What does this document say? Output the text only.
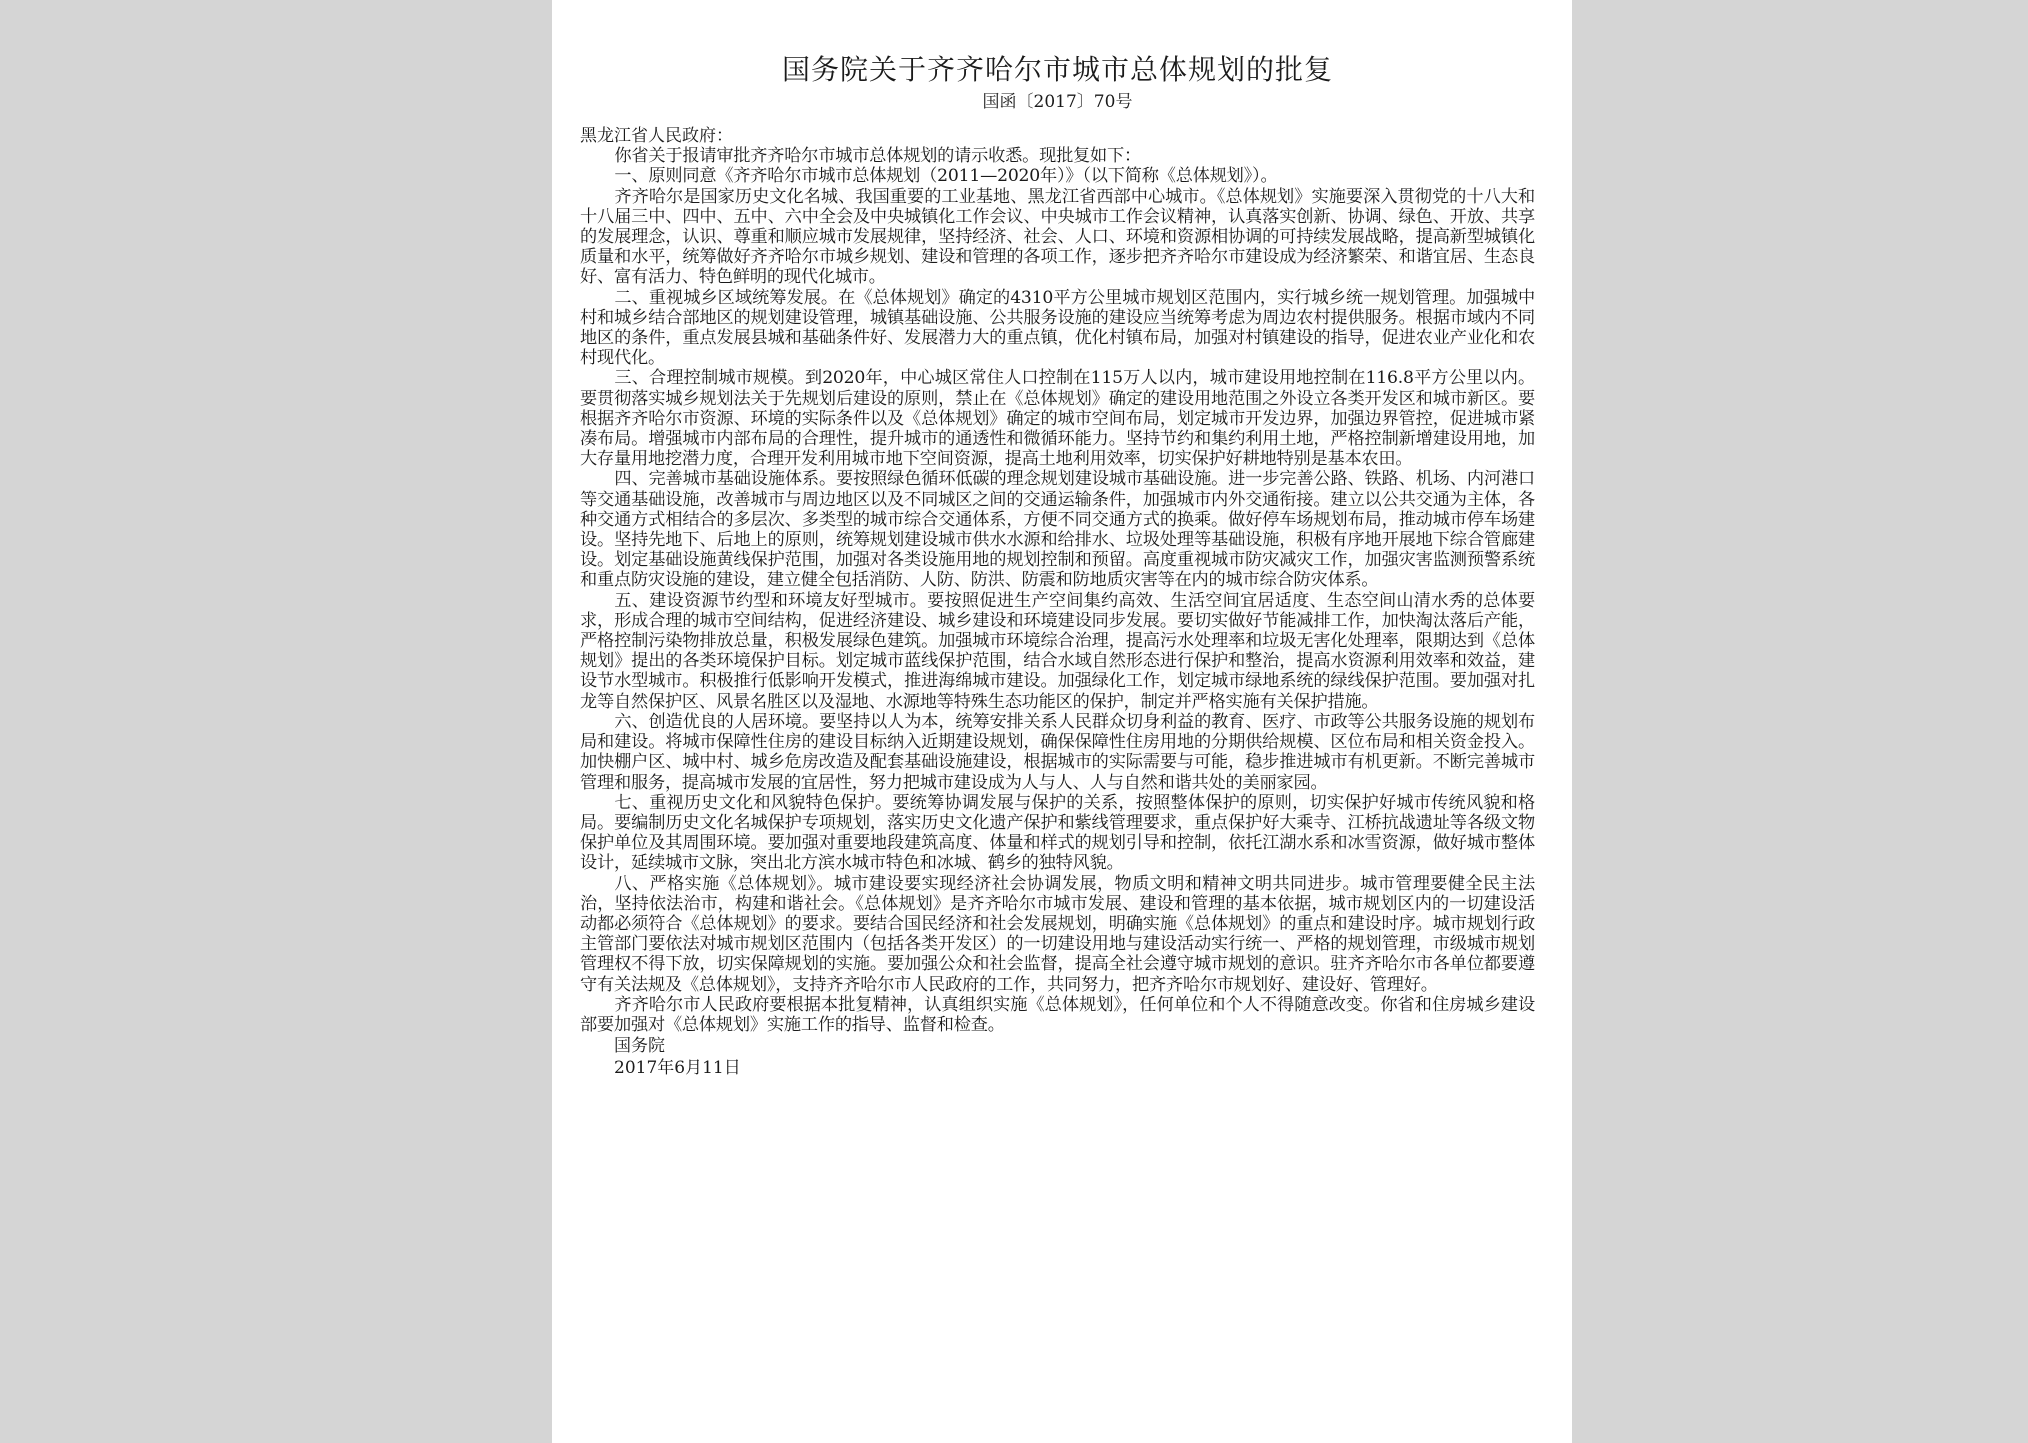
国务院关于齐齐哈尔市城市总体规划的批复
国函〔2017〕70号
黑龙江省人民政府：

你省关于报请审批齐齐哈尔市城市总体规划的请示收悉。现批复如下：

一、原则同意《齐齐哈尔市城市总体规划（2011—2020年）》（以下简称《总体规划》）。

齐齐哈尔是国家历史文化名城、我国重要的工业基地、黑龙江省西部中心城市。《总体规划》实施要深入贯彻党的十八大和十八届三中、四中、五中、六中全会及中央城镇化工作会议、中央城市工作会议精神，认真落实创新、协调、绿色、开放、共享的发展理念，认识、尊重和顺应城市发展规律，坚持经济、社会、人口、环境和资源相协调的可持续发展战略，提高新型城镇化质量和水平，统筹做好齐齐哈尔市城乡规划、建设和管理的各项工作，逐步把齐齐哈尔市建设成为经济繁荣、和谐宜居、生态良好、富有活力、特色鲜明的现代化城市。

二、重视城乡区域统筹发展。在《总体规划》确定的4310平方公里城市规划区范围内，实行城乡统一规划管理。加强城中村和城乡结合部地区的规划建设管理，城镇基础设施、公共服务设施的建设应当统筹考虑为周边农村提供服务。根据市域内不同地区的条件，重点发展县城和基础条件好、发展潜力大的重点镇，优化村镇布局，加强对村镇建设的指导，促进农业产业化和农村现代化。

三、合理控制城市规模。到2020年，中心城区常住人口控制在115万人以内，城市建设用地控制在116.8平方公里以内。要贯彻落实城乡规划法关于先规划后建设的原则，禁止在《总体规划》确定的建设用地范围之外设立各类开发区和城市新区。要根据齐齐哈尔市资源、环境的实际条件以及《总体规划》确定的城市空间布局，划定城市开发边界，加强边界管控，促进城市紧凑布局。增强城市内部布局的合理性，提升城市的通透性和微循环能力。坚持节约和集约利用土地，严格控制新增建设用地，加大存量用地挖潜力度，合理开发利用城市地下空间资源，提高土地利用效率，切实保护好耕地特别是基本农田。

四、完善城市基础设施体系。要按照绿色循环低碳的理念规划建设城市基础设施。进一步完善公路、铁路、机场、内河港口等交通基础设施，改善城市与周边地区以及不同城区之间的交通运输条件，加强城市内外交通衔接。建立以公共交通为主体，各种交通方式相结合的多层次、多类型的城市综合交通体系，方便不同交通方式的换乘。做好停车场规划布局，推动城市停车场建设。坚持先地下、后地上的原则，统筹规划建设城市供水水源和给排水、垃圾处理等基础设施，积极有序地开展地下综合管廊建设。划定基础设施黄线保护范围，加强对各类设施用地的规划控制和预留。高度重视城市防灾减灾工作，加强灾害监测预警系统和重点防灾设施的建设，建立健全包括消防、人防、防洪、防震和防地质灾害等在内的城市综合防灾体系。

五、建设资源节约型和环境友好型城市。要按照促进生产空间集约高效、生活空间宜居适度、生态空间山清水秀的总体要求，形成合理的城市空间结构，促进经济建设、城乡建设和环境建设同步发展。要切实做好节能减排工作，加快淘汰落后产能，严格控制污染物排放总量，积极发展绿色建筑。加强城市环境综合治理，提高污水处理率和垃圾无害化处理率，限期达到《总体规划》提出的各类环境保护目标。划定城市蓝线保护范围，结合水域自然形态进行保护和整治，提高水资源利用效率和效益，建设节水型城市。积极推行低影响开发模式，推进海绵城市建设。加强绿化工作，划定城市绿地系统的绿线保护范围。要加强对扎龙等自然保护区、风景名胜区以及湿地、水源地等特殊生态功能区的保护，制定并严格实施有关保护措施。

六、创造优良的人居环境。要坚持以人为本，统筹安排关系人民群众切身利益的教育、医疗、市政等公共服务设施的规划布局和建设。将城市保障性住房的建设目标纳入近期建设规划，确保保障性住房用地的分期供给规模、区位布局和相关资金投入。加快棚户区、城中村、城乡危房改造及配套基础设施建设，根据城市的实际需要与可能，稳步推进城市有机更新。不断完善城市管理和服务，提高城市发展的宜居性，努力把城市建设成为人与人、人与自然和谐共处的美丽家园。

七、重视历史文化和风貌特色保护。要统筹协调发展与保护的关系，按照整体保护的原则，切实保护好城市传统风貌和格局。要编制历史文化名城保护专项规划，落实历史文化遗产保护和紫线管理要求，重点保护好大乘寺、江桥抗战遗址等各级文物保护单位及其周围环境。要加强对重要地段建筑高度、体量和样式的规划引导和控制，依托江湖水系和冰雪资源，做好城市整体设计，延续城市文脉，突出北方滨水城市特色和冰城、鹤乡的独特风貌。

八、严格实施《总体规划》。城市建设要实现经济社会协调发展，物质文明和精神文明共同进步。城市管理要健全民主法治，坚持依法治市，构建和谐社会。《总体规划》是齐齐哈尔市城市发展、建设和管理的基本依据，城市规划区内的一切建设活动都必须符合《总体规划》的要求。要结合国民经济和社会发展规划，明确实施《总体规划》的重点和建设时序。城市规划行政主管部门要依法对城市规划区范围内（包括各类开发区）的一切建设用地与建设活动实行统一、严格的规划管理，市级城市规划管理权不得下放，切实保障规划的实施。要加强公众和社会监督，提高全社会遵守城市规划的意识。驻齐齐哈尔市各单位都要遵守有关法规及《总体规划》，支持齐齐哈尔市人民政府的工作，共同努力，把齐齐哈尔市规划好、建设好、管理好。

齐齐哈尔市人民政府要根据本批复精神，认真组织实施《总体规划》，任何单位和个人不得随意改变。你省和住房城乡建设部要加强对《总体规划》实施工作的指导、监督和检查。

国务院
2017年6月11日
